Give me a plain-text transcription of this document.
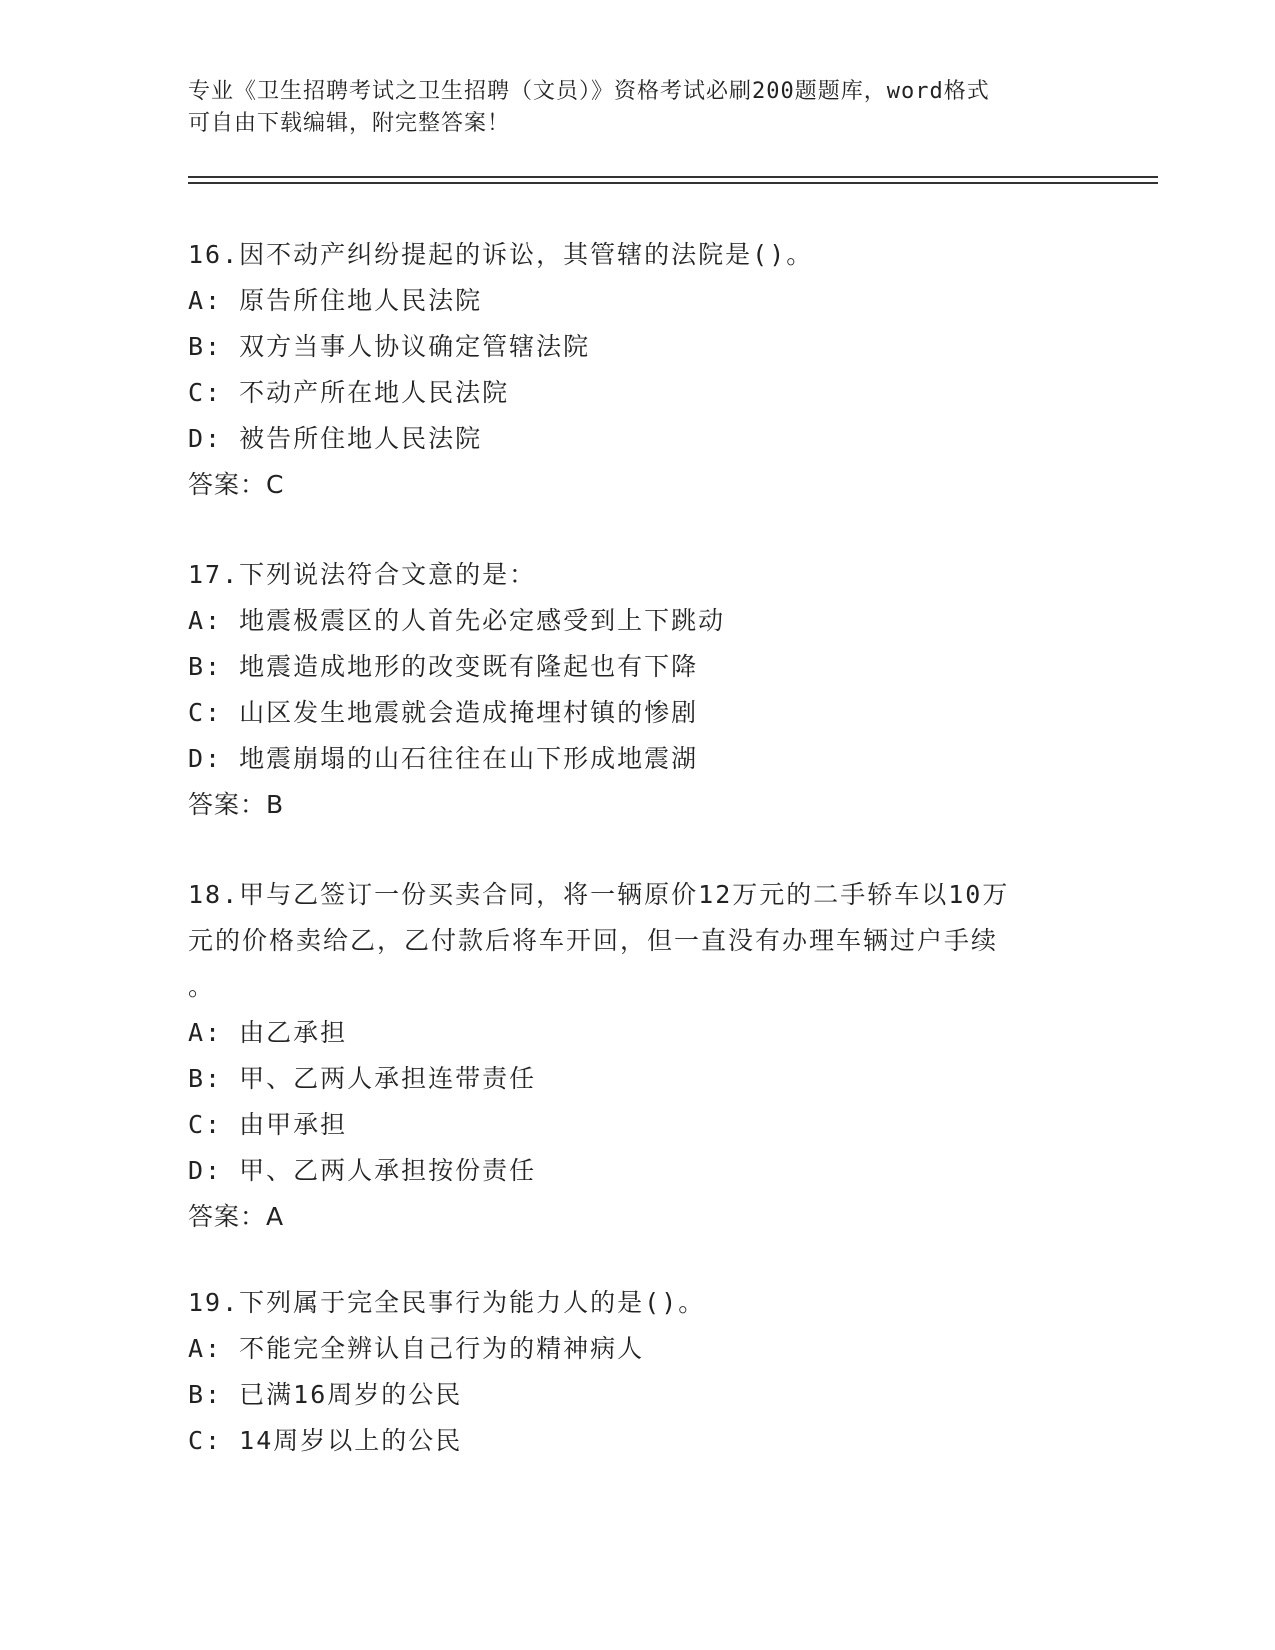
专业《卫生招聘考试之卫生招聘（文员）》资格考试必刷200题题库，word格式
可自由下载编辑，附完整答案！
16.因不动产纠纷提起的诉讼，其管辖的法院是()。
A: 原告所住地人民法院
B: 双方当事人协议确定管辖法院
C: 不动产所在地人民法院
D: 被告所住地人民法院
答案：C
17.下列说法符合文意的是：
A: 地震极震区的人首先必定感受到上下跳动
B: 地震造成地形的改变既有隆起也有下降
C: 山区发生地震就会造成掩埋村镇的惨剧
D: 地震崩塌的山石往往在山下形成地震湖
答案：B
18.甲与乙签订一份买卖合同，将一辆原价12万元的二手轿车以10万
元的价格卖给乙，乙付款后将车开回，但一直没有办理车辆过户手续
。
A: 由乙承担
B: 甲、乙两人承担连带责任
C: 由甲承担
D: 甲、乙两人承担按份责任
答案：A
19.下列属于完全民事行为能力人的是()。
A: 不能完全辨认自己行为的精神病人
B: 已满16周岁的公民
C: 14周岁以上的公民
